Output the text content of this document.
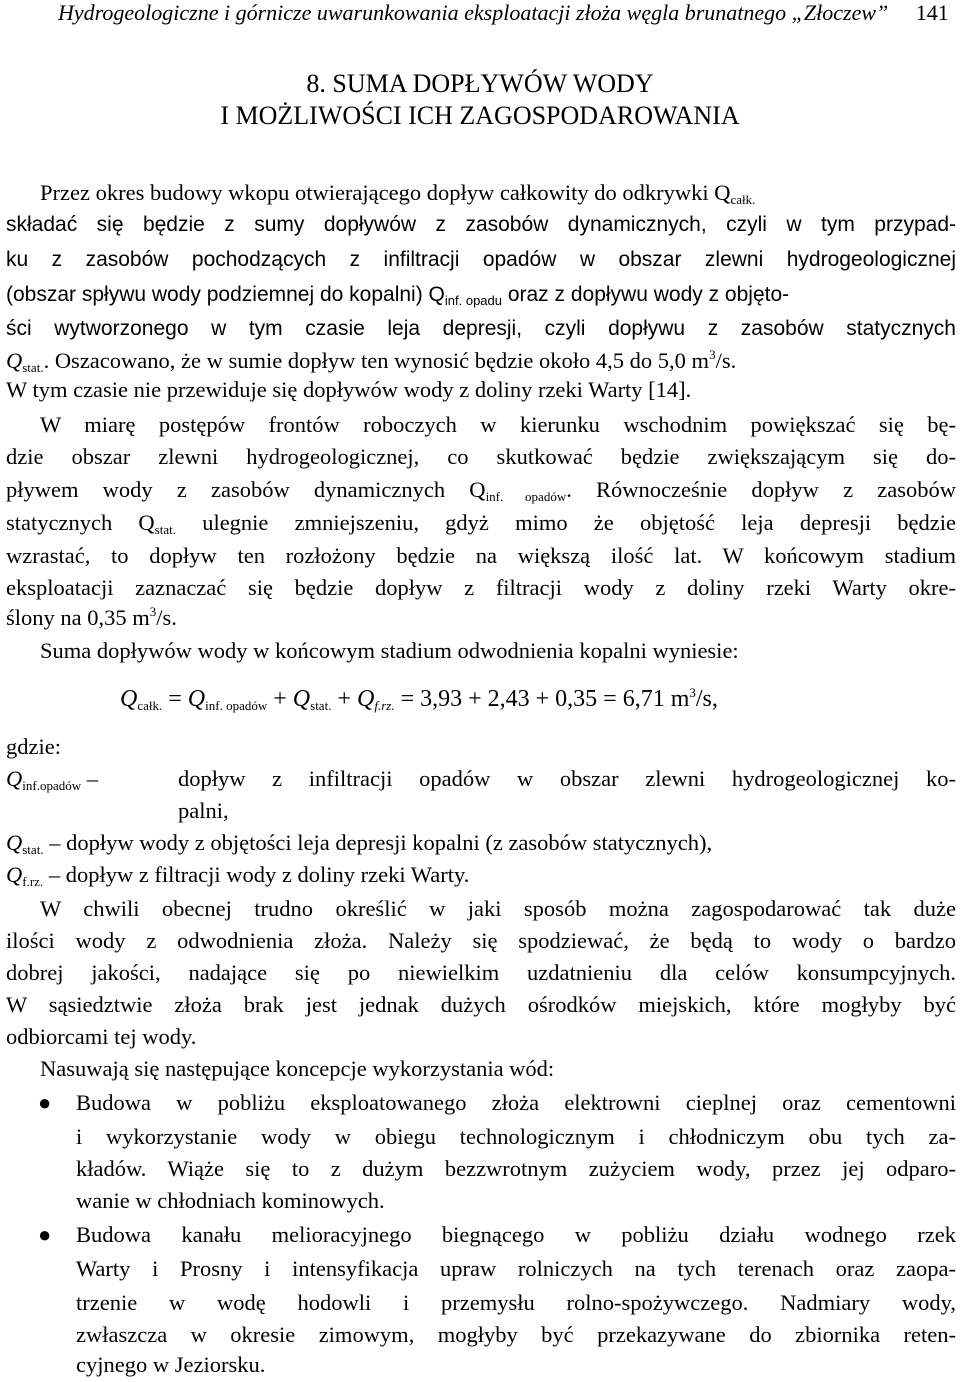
Hydrogeologiczne i górnicze uwarunkowania eksploatacji złoża węgla brunatnego „Złoczew” 141
8. SUMA DOPŁYWÓW WODY
I MOŻLIWOŚCI ICH ZAGOSPODAROWANIA
Przez okres budowy wkopu otwierającego dopływ całkowity do odkrywki $Q_{całk.}$
składać się będzie z sumy dopływów z zasobów dynamicznych, czyli w tym przypad-
ku z zasobów pochodzących z infiltracji opadów w obszar zlewni hydrogeologicznej
(obszar spływu wody podziemnej do kopalni) $Q_{inf. opadu}$ oraz z dopływu wody z objęto-
ści wytworzonego w tym czasie leja depresji, czyli dopływu z zasobów statycznych
$Q_{stat.}$. Oszacowano, że w sumie dopływ ten wynosić będzie około 4,5 do 5,0 $m^3/s$.
W tym czasie nie przewiduje się dopływów wody z doliny rzeki Warty [14].
W miarę postępów frontów roboczych w kierunku wschodnim powiększać się bę-
dzie obszar zlewni hydrogeologicznej, co skutkować będzie zwiększającym się do-
pływem wody z zasobów dynamicznych $Q_{inf. opadów}$. Równocześnie dopływ z zasobów
statycznych $Q_{stat.}$ ulegnie zmniejszeniu, gdyż mimo że objętość leja depresji będzie
wzrastać, to dopływ ten rozłożony będzie na większą ilość lat. W końcowym stadium
eksploatacji zaznaczać się będzie dopływ z filtracji wody z doliny rzeki Warty okre-
ślony na 0,35 $m^3/s$.
Suma dopływów wody w końcowym stadium odwodnienia kopalni wyniesie:
$Q_{całk.} = Q_{inf. opadów} + Q_{stat.} + Q_{f.rz.} = 3,93 + 2,43 + 0,35 = 6,71$ $m^3/s$,
gdzie:
$Q_{inf.opadów}$ –	dopływ z infiltracji opadów w obszar zlewni hydrogeologicznej ko-
palni,
$Q_{stat.}$ – dopływ wody z objętości leja depresji kopalni (z zasobów statycznych),
$Q_{f.rz.}$ – dopływ z filtracji wody z doliny rzeki Warty.
W chwili obecnej trudno określić w jaki sposób można zagospodarować tak duże
ilości wody z odwodnienia złoża. Należy się spodziewać, że będą to wody o bardzo
dobrej jakości, nadające się po niewielkim uzdatnieniu dla celów konsumpcyjnych.
W sąsiedztwie złoża brak jest jednak dużych ośrodków miejskich, które mogłyby być
odbiorcami tej wody.
Nasuwają się następujące koncepcje wykorzystania wód:
● Budowa w pobliżu eksploatowanego złoża elektrowni cieplnej oraz cementowni
i wykorzystanie wody w obiegu technologicznym i chłodniczym obu tych za-
kładów. Wiąże się to z dużym bezzwrotnym zużyciem wody, przez jej odparo-
wanie w chłodniach kominowych.
● Budowa kanału melioracyjnego biegnącego w pobliżu działu wodnego rzek
Warty i Prosny i intensyfikacja upraw rolniczych na tych terenach oraz zaopa-
trzenie w wodę hodowli i przemysłu rolno-spożywczego. Nadmiary wody,
zwłaszcza w okresie zimowym, mogłyby być przekazywane do zbiornika reten-
cyjnego w Jeziorsku.
